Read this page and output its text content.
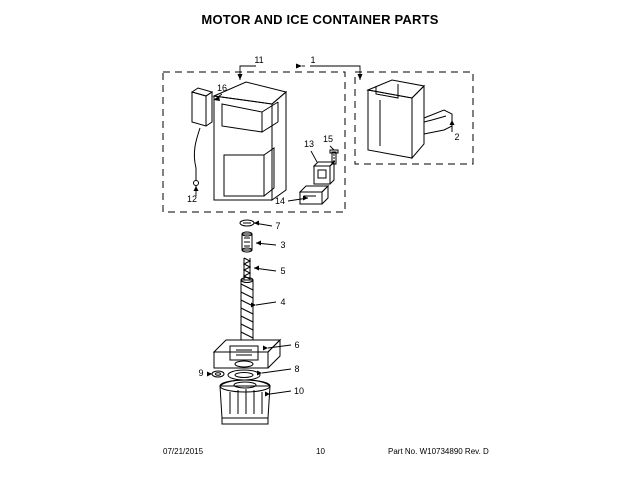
MOTOR AND ICE CONTAINER PARTS
1
2
3
4
5
6
7
8
9
10
11
12
13
14
15
16
07/21/2015	10	Part No. W10734890 Rev. D
